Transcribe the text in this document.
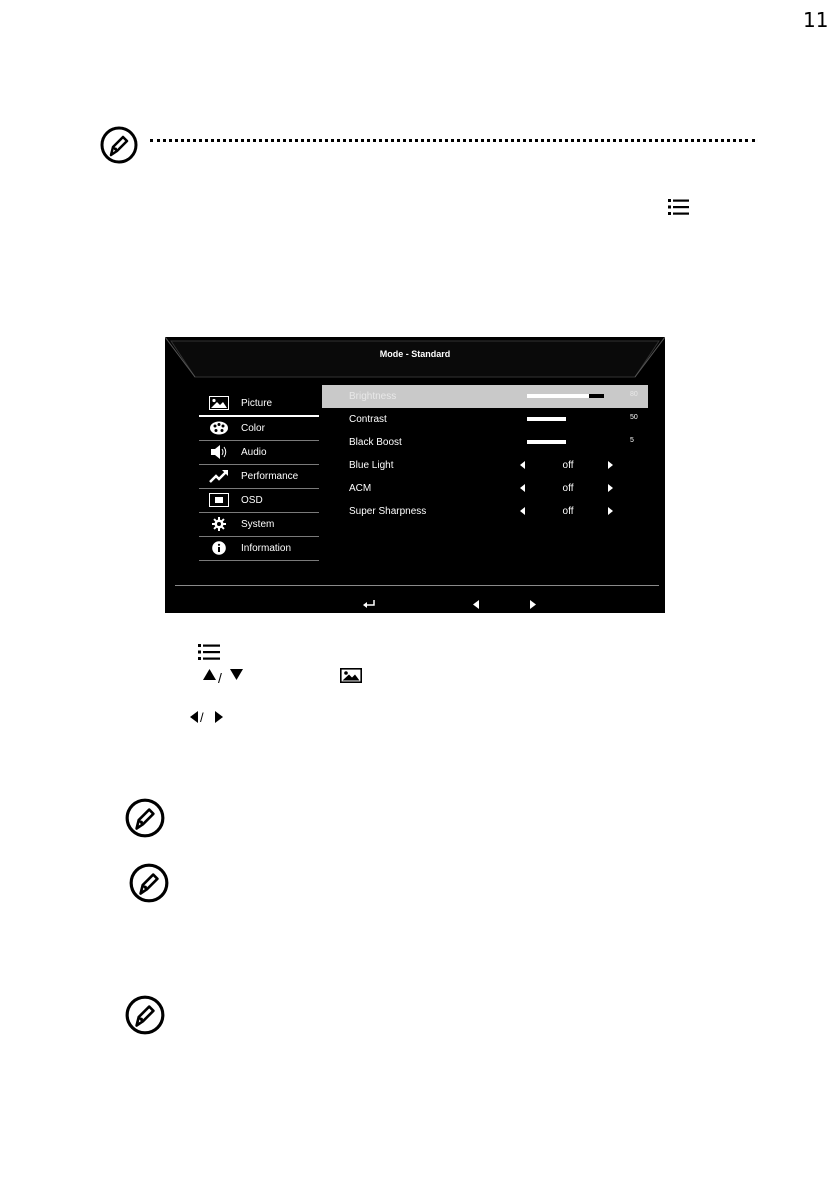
11
Mode - Standard
Picture
Color
Audio
Performance
OSD
System
Information
Brightness	80
Contrast	50
Black Boost	5
Blue Light	off
ACM	off
Super Sharpness	off
/
/
